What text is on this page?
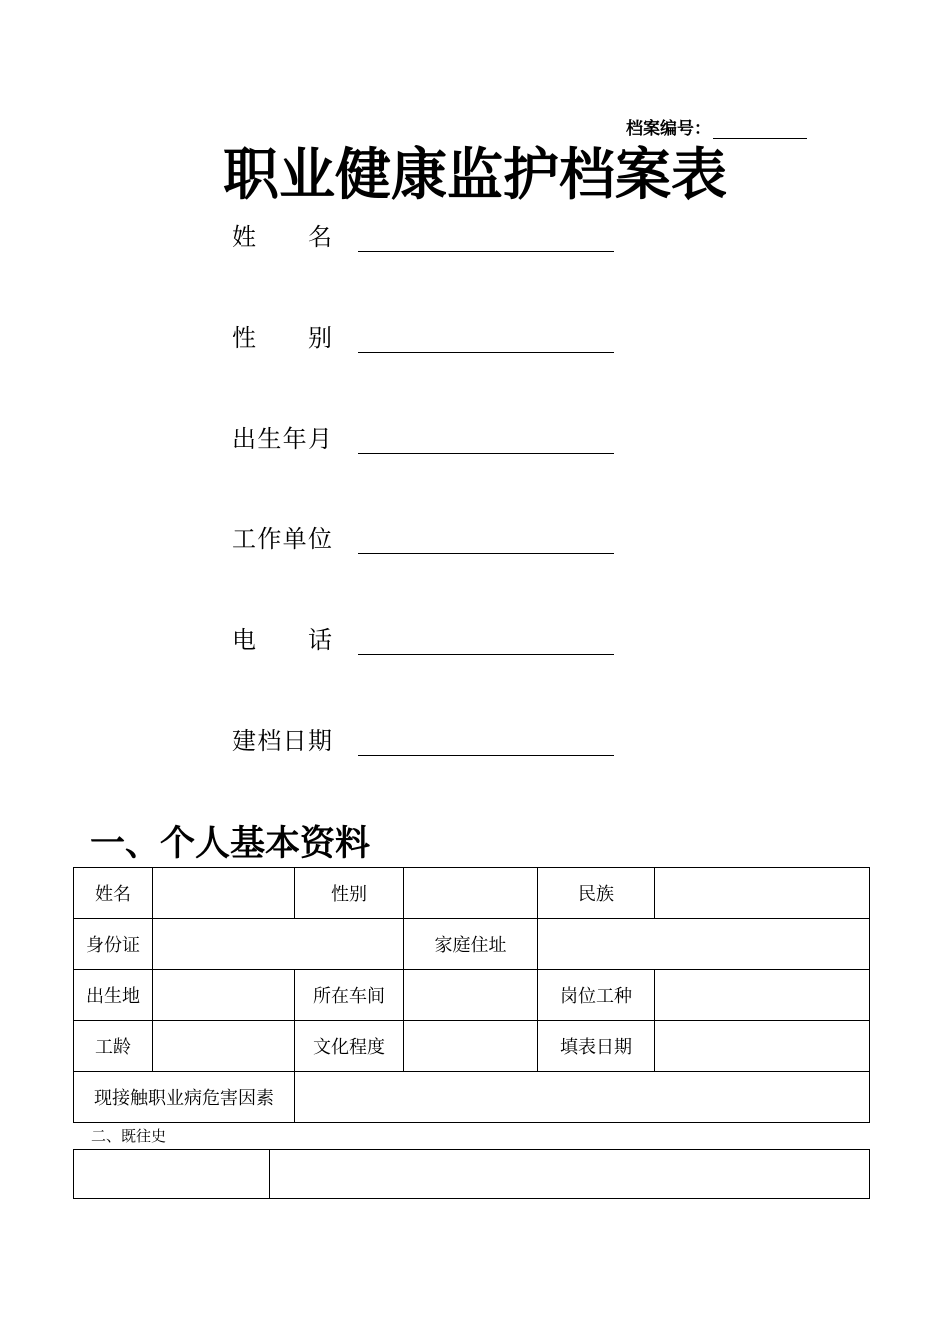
档案编号：
职业健康监护档案表
姓 名
性 别
出生年月
工作单位
电 话
建档日期
一、个人基本资料
姓名		性别		民族	
身份证			家庭住址		
出生地		所在车间		岗位工种	
工龄		文化程度		填表日期	
现接触职业病危害因素					

二、既往史
